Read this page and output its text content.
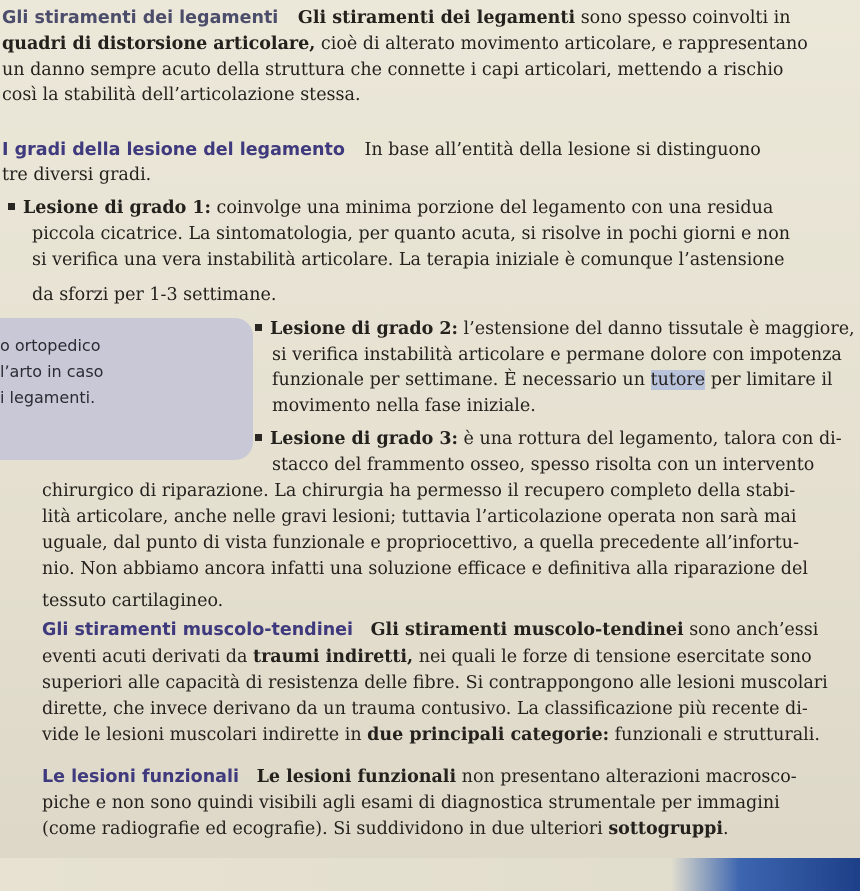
Gli stiramenti dei legamenti Gli stiramenti dei legamenti sono spesso coinvolti in
quadri di distorsione articolare, cioè di alterato movimento articolare, e rappresentano
un danno sempre acuto della struttura che connette i capi articolari, mettendo a rischio
così la stabilità dell’articolazione stessa.
I gradi della lesione del legamento In base all’entità della lesione si distinguono
tre diversi gradi.
Lesione di grado 1: coinvolge una minima porzione del legamento con una residua
piccola cicatrice. La sintomatologia, per quanto acuta, si risolve in pochi giorni e non
si verifica una vera instabilità articolare. La terapia iniziale è comunque l’astensione
da sforzi per 1-3 settimane.
o ortopedico
l’arto in caso
i legamenti.
Lesione di grado 2: l’estensione del danno tissutale è maggiore,
si verifica instabilità articolare e permane dolore con impotenza
funzionale per settimane. È necessario un tutore per limitare il
movimento nella fase iniziale.
Lesione di grado 3: è una rottura del legamento, talora con di-
stacco del frammento osseo, spesso risolta con un intervento
chirurgico di riparazione. La chirurgia ha permesso il recupero completo della stabi-
lità articolare, anche nelle gravi lesioni; tuttavia l’articolazione operata non sarà mai
uguale, dal punto di vista funzionale e propriocettivo, a quella precedente all’infortu-
nio. Non abbiamo ancora infatti una soluzione efficace e definitiva alla riparazione del
tessuto cartilagineo.
Gli stiramenti muscolo-tendinei Gli stiramenti muscolo-tendinei sono anch’essi
eventi acuti derivati da traumi indiretti, nei quali le forze di tensione esercitate sono
superiori alle capacità di resistenza delle fibre. Si contrappongono alle lesioni muscolari
dirette, che invece derivano da un trauma contusivo. La classificazione più recente di-
vide le lesioni muscolari indirette in due principali categorie: funzionali e strutturali.
Le lesioni funzionali Le lesioni funzionali non presentano alterazioni macrosco-
piche e non sono quindi visibili agli esami di diagnostica strumentale per immagini
(come radiografie ed ecografie). Si suddividono in due ulteriori sottogruppi.
